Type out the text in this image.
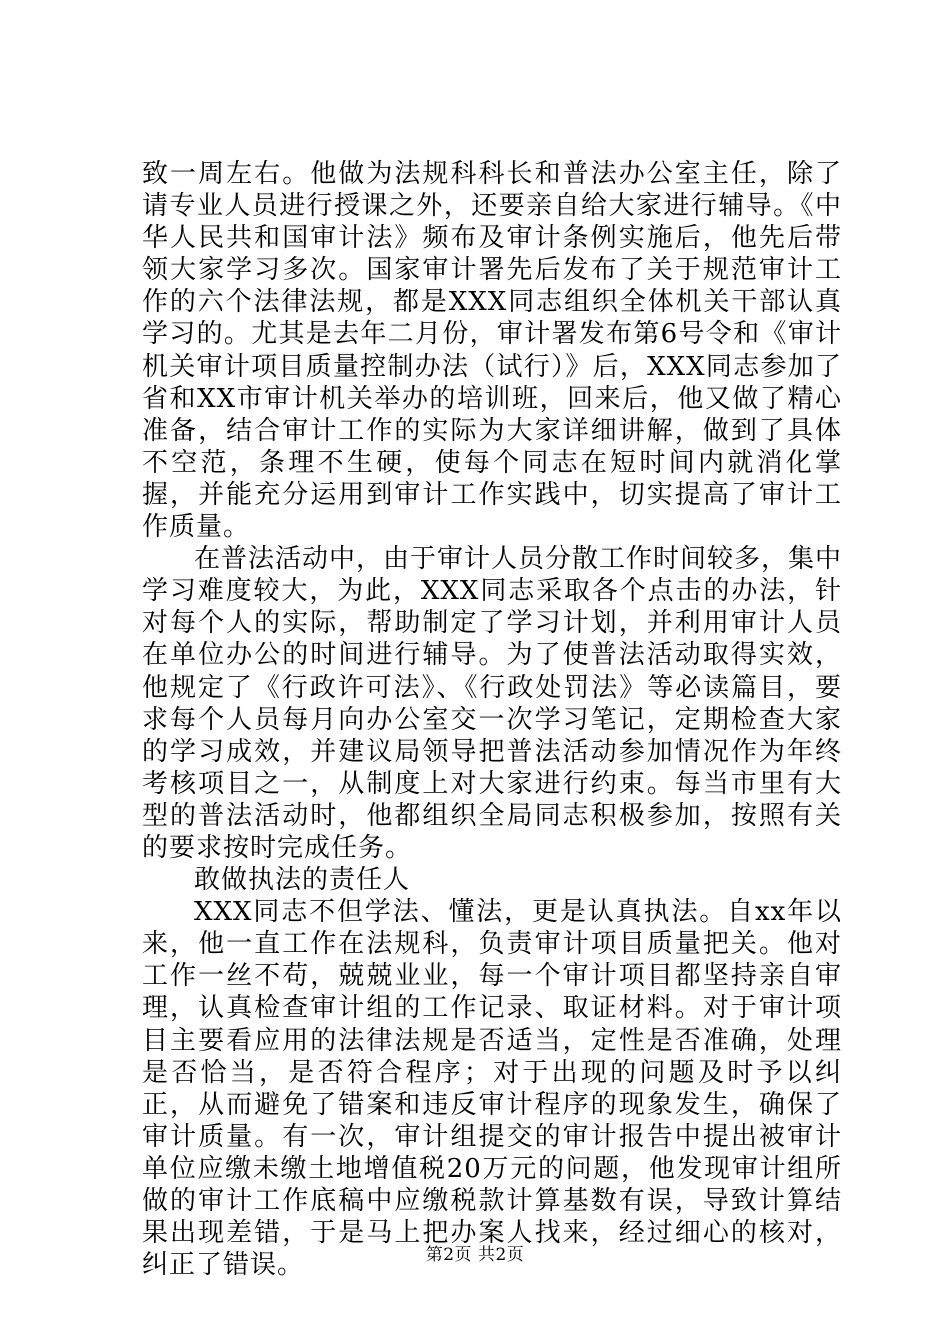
致一周左右。他做为法规科科长和普法办公室主任，除了请专业人员进行授课之外，还要亲自给大家进行辅导。《中华人民共和国审计法》频布及审计条例实施后，他先后带领大家学习多次。国家审计署先后发布了关于规范审计工作的六个法律法规，都是XXX同志组织全体机关干部认真学习的。尤其是去年二月份，审计署发布第6号令和《审计机关审计项目质量控制办法（试行）》后，XXX同志参加了省和XX市审计机关举办的培训班，回来后，他又做了精心准备，结合审计工作的实际为大家详细讲解，做到了具体不空范，条理不生硬，使每个同志在短时间内就消化掌握，并能充分运用到审计工作实践中，切实提高了审计工作质量。

在普法活动中，由于审计人员分散工作时间较多，集中学习难度较大，为此，XXX同志采取各个点击的办法，针对每个人的实际，帮助制定了学习计划，并利用审计人员在单位办公的时间进行辅导。为了使普法活动取得实效，他规定了《行政许可法》、《行政处罚法》等必读篇目，要求每个人员每月向办公室交一次学习笔记，定期检查大家的学习成效，并建议局领导把普法活动参加情况作为年终考核项目之一，从制度上对大家进行约束。每当市里有大型的普法活动时，他都组织全局同志积极参加，按照有关的要求按时完成任务。

敢做执法的责任人

XXX同志不但学法、懂法，更是认真执法。自xx年以来，他一直工作在法规科，负责审计项目质量把关。他对工作一丝不苟，兢兢业业，每一个审计项目都坚持亲自审理，认真检查审计组的工作记录、取证材料。对于审计项目主要看应用的法律法规是否适当，定性是否准确，处理是否恰当，是否符合程序；对于出现的问题及时予以纠正，从而避免了错案和违反审计程序的现象发生，确保了审计质量。有一次，审计组提交的审计报告中提出被审计单位应缴未缴土地增值税20万元的问题，他发现审计组所做的审计工作底稿中应缴税款计算基数有误，导致计算结果出现差错，于是马上把办案人找来，经过细心的核对，纠正了错误。	第2页 共2页
